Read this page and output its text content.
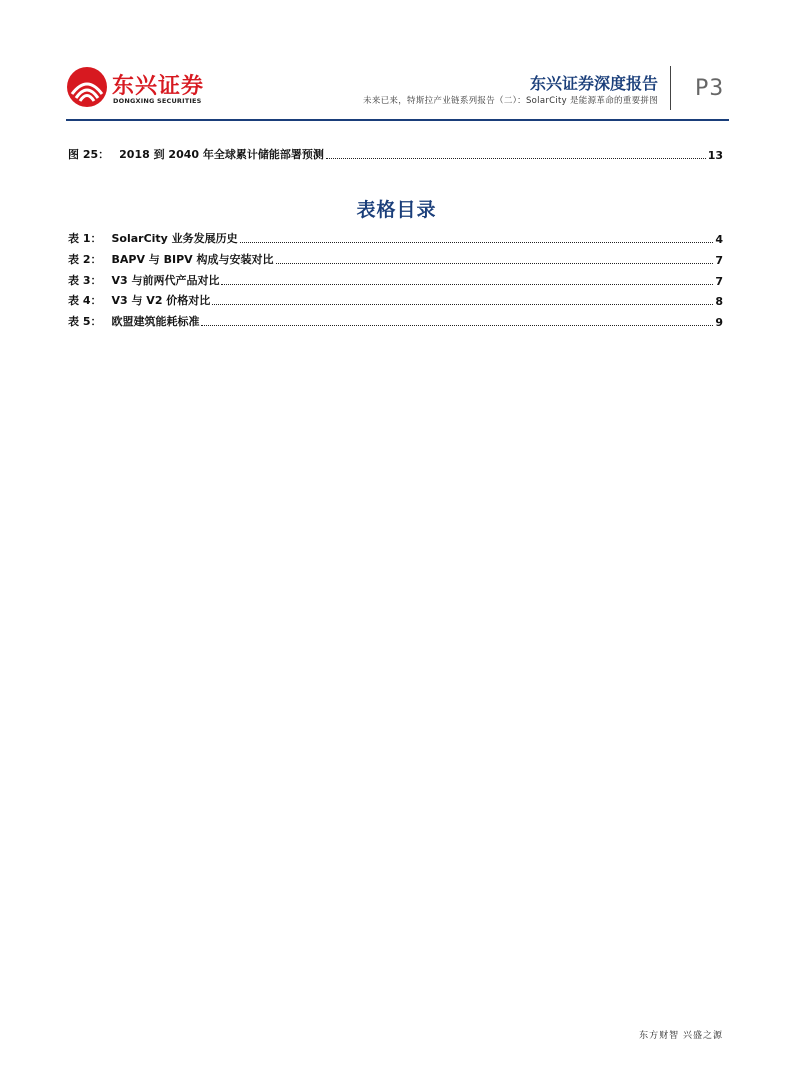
东兴证券
DONGXING SECURITIES
东兴证券深度报告
未来已来，特斯拉产业链系列报告（二）：SolarCity 是能源革命的重要拼图 P3
图 25： 2018 到 2040 年全球累计储能部署预测	13
表格目录
表 1： SolarCity 业务发展历史	4
表 2： BAPV 与 BIPV 构成与安装对比	7
表 3： V3 与前两代产品对比	7
表 4： V3 与 V2 价格对比	8
表 5： 欧盟建筑能耗标准	9
东方财智 兴盛之源
